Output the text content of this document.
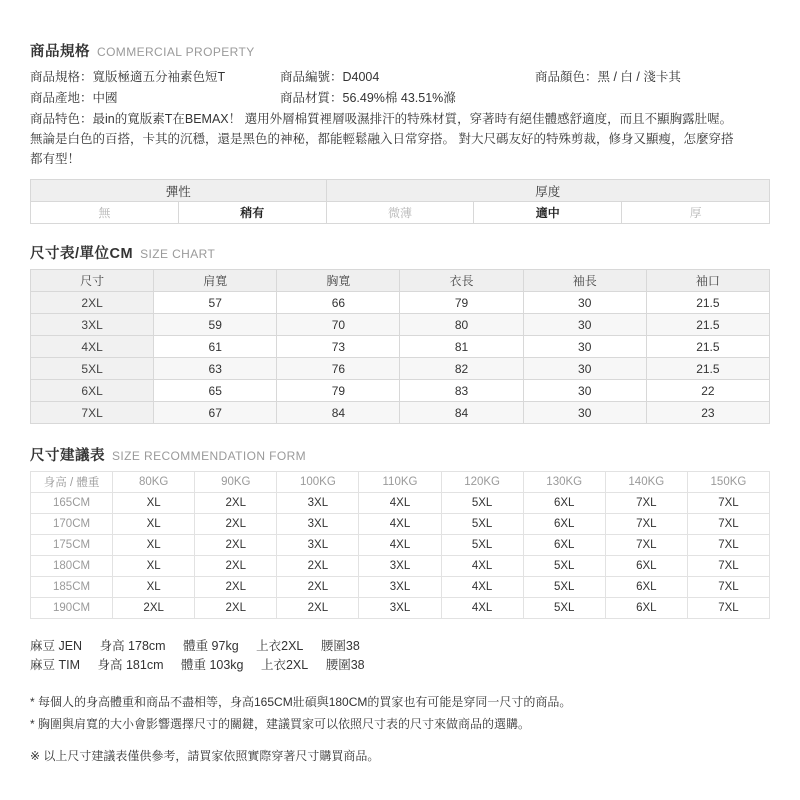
商品規格 COMMERCIAL PROPERTY
商品規格：寬版極適五分袖素色短T	商品編號：D4004	商品顏色：黑 / 白 / 淺卡其
商品產地：中國	商品材質：56.49%棉 43.51%滌

商品特色：最in的寬版素T在BEMAX！ 選用外層棉質裡層吸濕排汗的特殊材質，穿著時有絕佳體感舒適度，而且不顯胸露肚喔。

無論是白色的百搭，卡其的沉穩，還是黑色的神秘，都能輕鬆融入日常穿搭。 對大尺碼友好的特殊剪裁，修身又顯瘦，怎麼穿搭

都有型！

彈性		厚度		
無	稍有	微薄	適中	厚
尺寸表/單位CM SIZE CHART
尺寸	肩寬	胸寬	衣長	袖長	袖口
2XL	57	66	79	30	21.5
3XL	59	70	80	30	21.5
4XL	61	73	81	30	21.5
5XL	63	76	82	30	21.5
6XL	65	79	83	30	22
7XL	67	84	84	30	23
尺寸建議表 SIZE RECOMMENDATION FORM
身高 / 體重	80KG	90KG	100KG	110KG	120KG	130KG	140KG	150KG
165CM	XL	2XL	3XL	4XL	5XL	6XL	7XL	7XL
170CM	XL	2XL	3XL	4XL	5XL	6XL	7XL	7XL
175CM	XL	2XL	3XL	4XL	5XL	6XL	7XL	7XL
180CM	XL	2XL	2XL	3XL	4XL	5XL	6XL	7XL
185CM	XL	2XL	2XL	3XL	4XL	5XL	6XL	7XL
190CM	2XL	2XL	2XL	3XL	4XL	5XL	6XL	7XL
麻豆 JEN 身高 178cm 體重 97kg 上衣2XL 腰圍38
麻豆 TIM 身高 181cm 體重 103kg 上衣2XL 腰圍38

* 每個人的身高體重和商品不盡相等，身高165CM壯碩與180CM的買家也有可能是穿同一尺寸的商品。

* 胸圍與肩寬的大小會影響選擇尺寸的關鍵，建議買家可以依照尺寸表的尺寸來做商品的選購。

※ 以上尺寸建議表僅供參考，請買家依照實際穿著尺寸購買商品。
